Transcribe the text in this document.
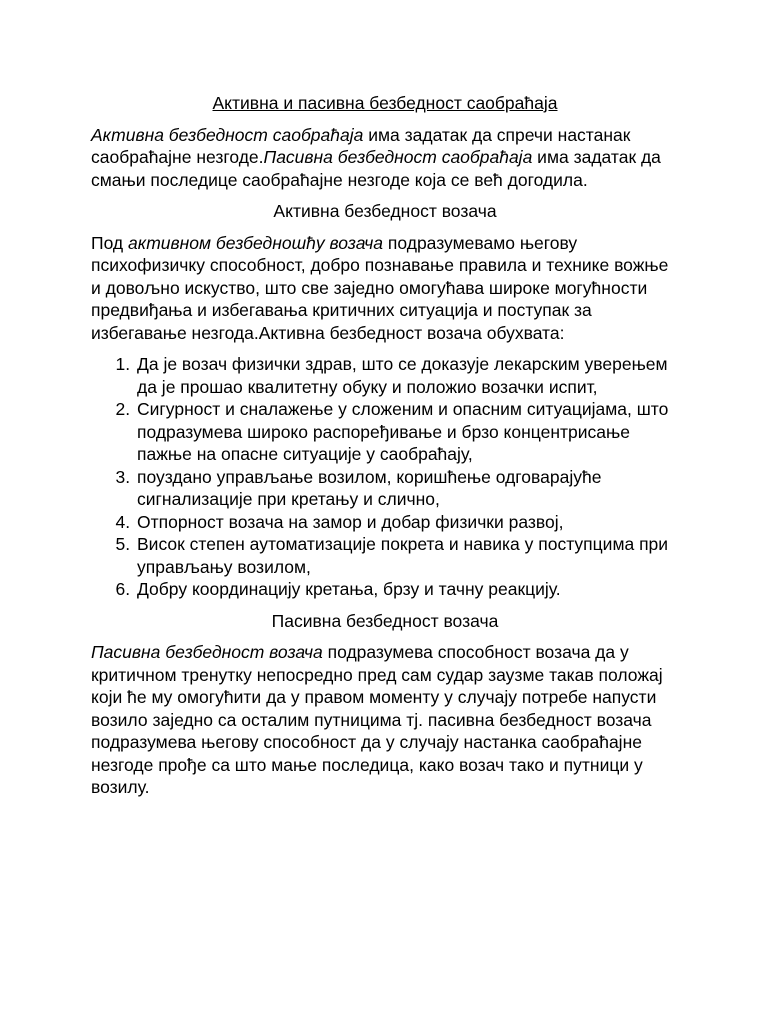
Активна и пасивна безбедност саобраћаја

Активна безбедност саобраћаја има задатак да спречи настанак саобраћајне незгоде.Пасивна безбедност саобраћаја има задатак да смањи последице саобраћајне незгоде која се већ догодила.

Активна безбедност возача

Под активном безбедношћу возача подразумевамо његову психофизичку способност, добро познавање правила и технике вожње и довољно искуство, што све заједно омогућава широке могућности предвиђања и избегавања критичних ситуација и поступак за избегавање незгода.Активна безбедност возача обухвата:

1. Да је возач физички здрав, што се доказује лекарским уверењем да је прошао квалитетну обуку и положио возачки испит,
2. Сигурност и сналажење у сложеним и опасним ситуацијама, што подразумева широко распоређивање и брзо концентрисање пажње на опасне ситуације у саобраћају,
3. поуздано управљање возилом, коришћење одговарајуће сигнализације при кретању и слично,
4. Отпорност возача на замор и добар физички развој,
5. Висок степен аутоматизације покрета и навика у поступцима при управљању возилом,
6. Добру координацију кретања, брзу и тачну реакцију.
Пасивна безбедност возача

Пасивна безбедност возача подразумева способност возача да у критичном тренутку непосредно пред сам судар заузме такав положај који ће му омогућити да у правом моменту у случају потребе напусти возило заједно са осталим путницима тј. пасивна безбедност возача подразумева његову способност да у случају настанка саобраћајне незгоде прође са што мање последица, како возач тако и путници у возилу.
